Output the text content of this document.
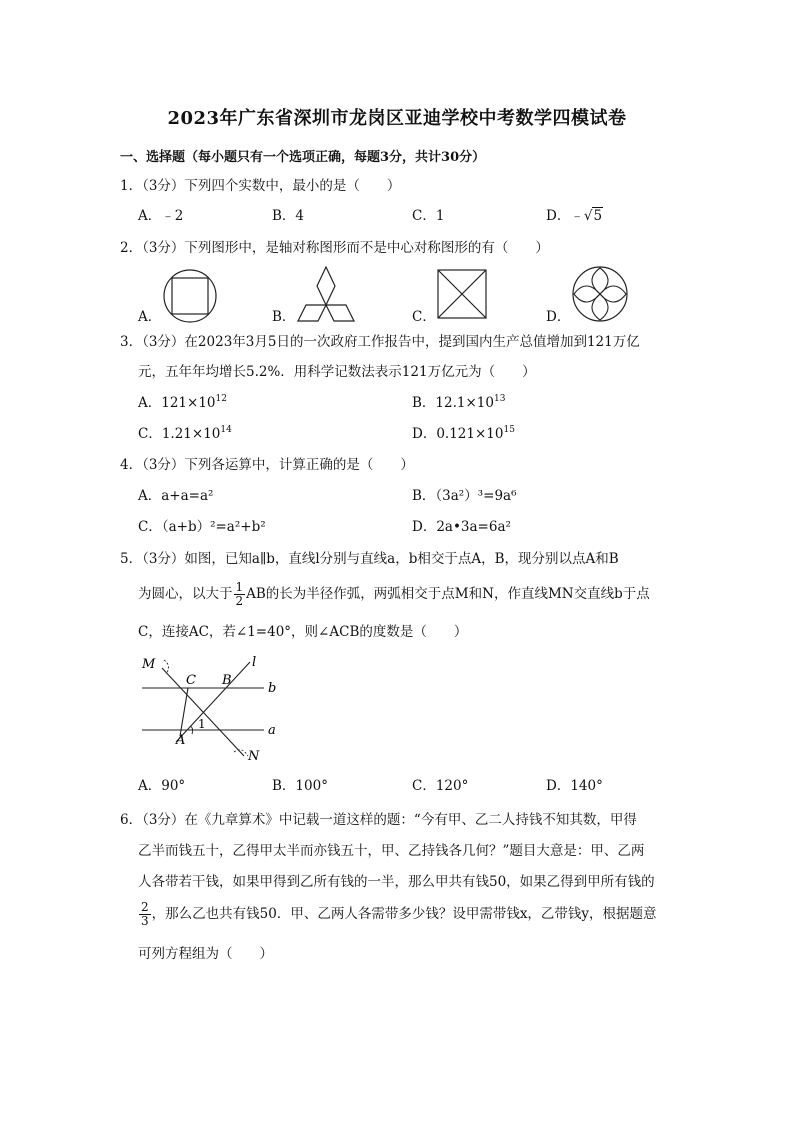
2023年广东省深圳市龙岗区亚迪学校中考数学四模试卷
一、选择题（每小题只有一个选项正确，每题3分，共计30分）
1．（3分）下列四个实数中，最小的是（　　）
A．﹣2	B．4	C．1	D．﹣√5
2．（3分）下列图形中，是轴对称图形而不是中心对称图形的有（　　）
A．	B．	C．	D．
3．（3分）在2023年3月5日的一次政府工作报告中，提到国内生产总值增加到121万亿
元，五年年均增长5.2%．用科学记数法表示121万亿元为（　　）
A．$121\times 10^{12}$	B．$12.1\times 10^{13}$
C．$1.21\times 10^{14}$	D．$0.121\times 10^{15}$
4．（3分）下列各运算中，计算正确的是（　　）
A．a+a=a²	B．（3a²）³=9a⁶
C．（a+b）²=a²+b²	D．2a•3a=6a²
5．（3分）如图，已知a∥b，直线l分别与直线a，b相交于点A，B，现分别以点A和B
为圆心，以大于 $\frac{1}{2}$ AB的长为半径作弧，两弧相交于点M和N，作直线MN交直线b于点
C，连接AC，若∠1=40°，则∠ACB的度数是（　　）
M
C B
l
b
a
A
1
N
A．90°	B．100°	C．120°	D．140°
6．（3分）在《九章算术》中记载一道这样的题：“今有甲、乙二人持钱不知其数，甲得
乙半而钱五十，乙得甲太半而亦钱五十，甲、乙持钱各几何？”题目大意是：甲、乙两
人各带若干钱，如果甲得到乙所有钱的一半，那么甲共有钱50，如果乙得到甲所有钱的
$\frac{2}{3}$ ，那么乙也共有钱50．甲、乙两人各需带多少钱？设甲需带钱x，乙带钱y，根据题意
可列方程组为（　　）
